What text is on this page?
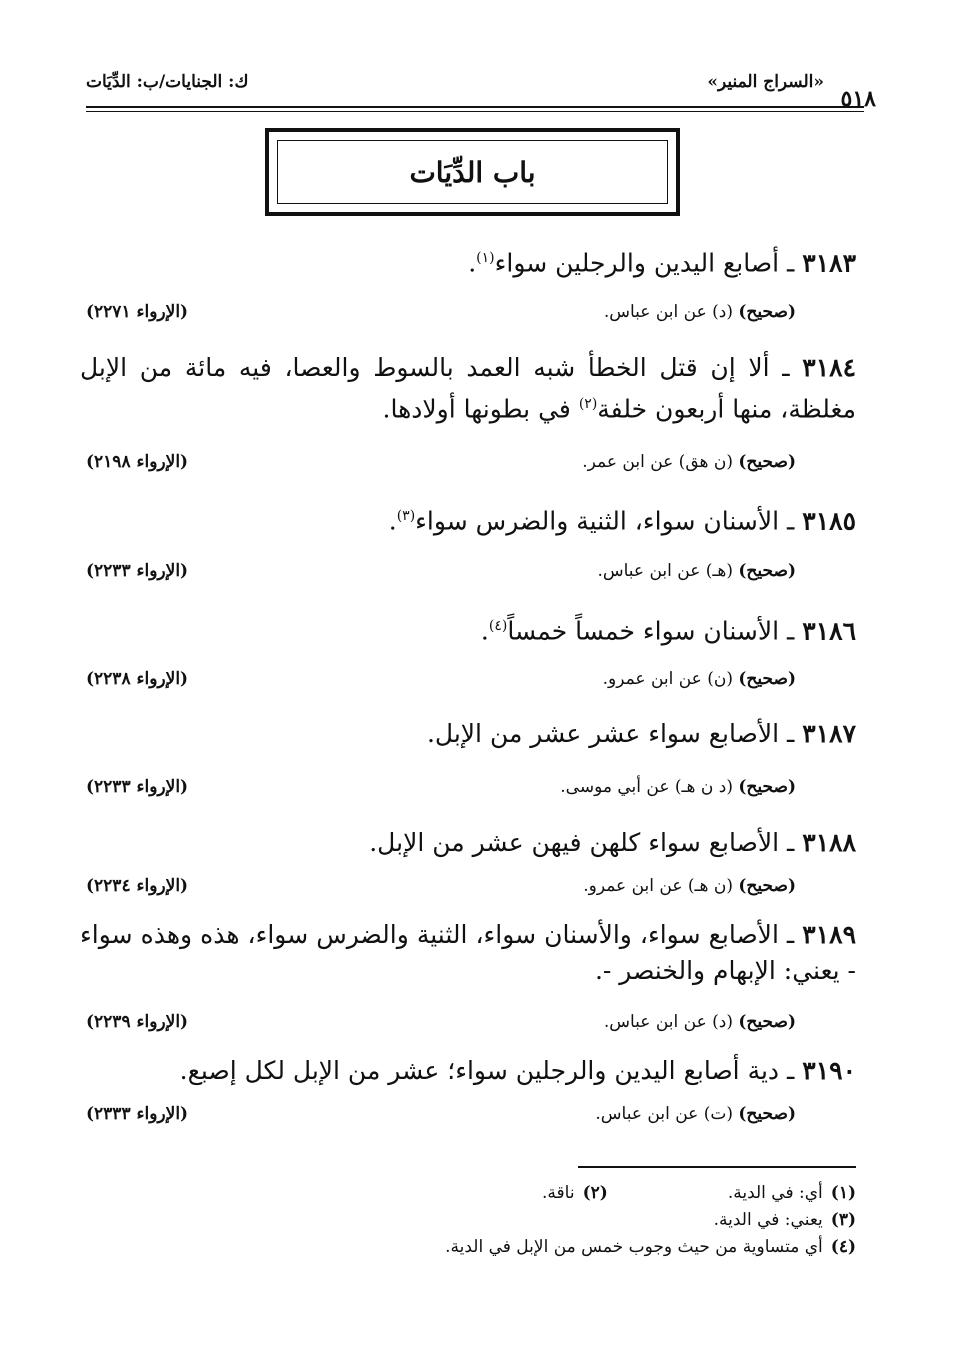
٥١٨
«السراج المنير»
ك: الجنايات/ب: الدِّيَات
باب الدِّيَات
٣١٨٣ ـ أصابع اليدين والرجلين سواء$^{(١)}$.
(صحيح) (د) عن ابن عباس.
(الإرواء ٢٢٧١)
٣١٨٤ ـ ألا إن قتل الخطأ شبه العمد بالسوط والعصا، فيه مائة من الإبل مغلظة، منها أربعون خلفة$^{(٢)}$ في بطونها أولادها.
(صحيح) (ن هق) عن ابن عمر.
(الإرواء ٢١٩٨)
٣١٨٥ ـ الأسنان سواء، الثنية والضرس سواء$^{(٣)}$.
(صحيح) (هـ) عن ابن عباس.
(الإرواء ٢٢٣٣)
٣١٨٦ ـ الأسنان سواء خمساً خمساً$^{(٤)}$.
(صحيح) (ن) عن ابن عمرو.
(الإرواء ٢٢٣٨)
٣١٨٧ ـ الأصابع سواء عشر عشر من الإبل.
(صحيح) (د ن هـ) عن أبي موسى.
(الإرواء ٢٢٣٣)
٣١٨٨ ـ الأصابع سواء كلهن فيهن عشر من الإبل.
(صحيح) (ن هـ) عن ابن عمرو.
(الإرواء ٢٢٣٤)
٣١٨٩ ـ الأصابع سواء، والأسنان سواء، الثنية والضرس سواء، هذه وهذه سواء - يعني: الإبهام والخنصر -.
(صحيح) (د) عن ابن عباس.
(الإرواء ٢٢٣٩)
٣١٩٠ ـ دية أصابع اليدين والرجلين سواء؛ عشر من الإبل لكل إصبع.
(صحيح) (ت) عن ابن عباس.
(الإرواء ٢٣٣٣)
(١)أي: في الدية.(٢)ناقة.
(٣)يعني: في الدية.
(٤)أي متساوية من حيث وجوب خمس من الإبل في الدية.
